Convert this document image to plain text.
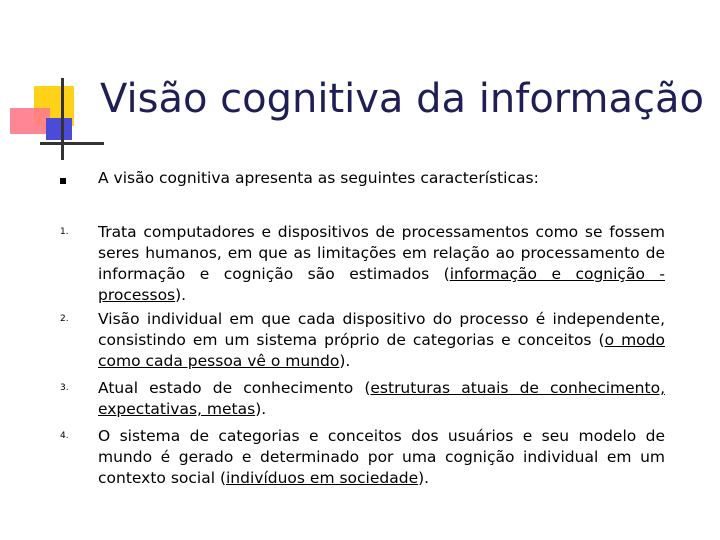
Visão cognitiva da informação
A visão cognitiva apresenta as seguintes características:
1. Trata computadores e dispositivos de processamentos como se fossem seres humanos, em que as limitações em relação ao processamento de informação e cognição são estimados (informação e cognição - processos).
2. Visão individual em que cada dispositivo do processo é independente, consistindo em um sistema próprio de categorias e conceitos (o modo como cada pessoa vê o mundo).
3. Atual estado de conhecimento (estruturas atuais de conhecimento, expectativas, metas).
4. O sistema de categorias e conceitos dos usuários e seu modelo de mundo é gerado e determinado por uma cognição individual em um contexto social (indivíduos em sociedade).
